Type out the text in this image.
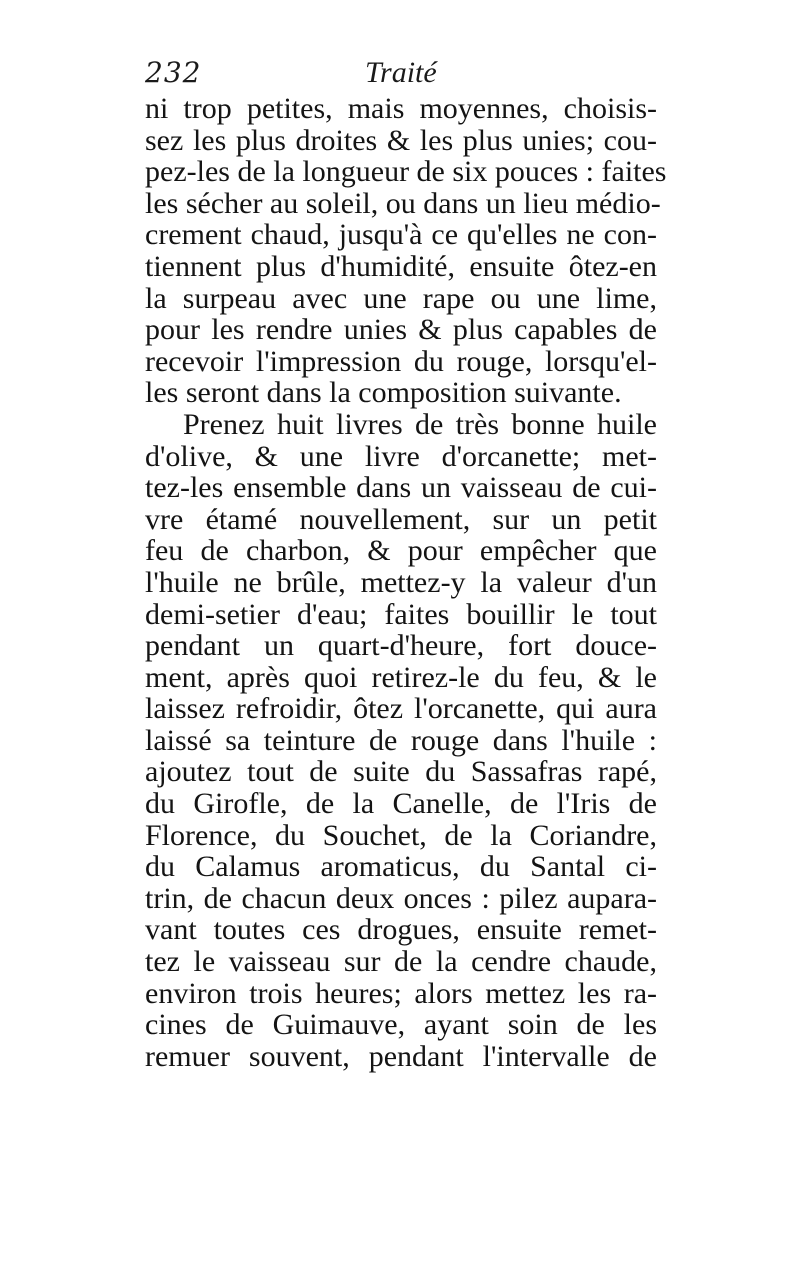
232	Traité
ni trop petites, mais moyennes, choisis-
sez les plus droites & les plus unies; cou-
pez-les de la longueur de six pouces : faites
les sécher au soleil, ou dans un lieu médio-
crement chaud, jusqu'à ce qu'elles ne con-
tiennent plus d'humidité, ensuite ôtez-en
la surpeau avec une rape ou une lime,
pour les rendre unies & plus capables de
recevoir l'impression du rouge, lorsqu'el-
les seront dans la composition suivante.
Prenez huit livres de très bonne huile
d'olive, & une livre d'orcanette; met-
tez-les ensemble dans un vaisseau de cui-
vre étamé nouvellement, sur un petit
feu de charbon, & pour empêcher que
l'huile ne brûle, mettez-y la valeur d'un
demi-setier d'eau; faites bouillir le tout
pendant un quart-d'heure, fort douce-
ment, après quoi retirez-le du feu, & le
laissez refroidir, ôtez l'orcanette, qui aura
laissé sa teinture de rouge dans l'huile :
ajoutez tout de suite du Sassafras rapé,
du Girofle, de la Canelle, de l'Iris de
Florence, du Souchet, de la Coriandre,
du Calamus aromaticus, du Santal ci-
trin, de chacun deux onces : pilez aupara-
vant toutes ces drogues, ensuite remet-
tez le vaisseau sur de la cendre chaude,
environ trois heures; alors mettez les ra-
cines de Guimauve, ayant soin de les
remuer souvent, pendant l'intervalle de
